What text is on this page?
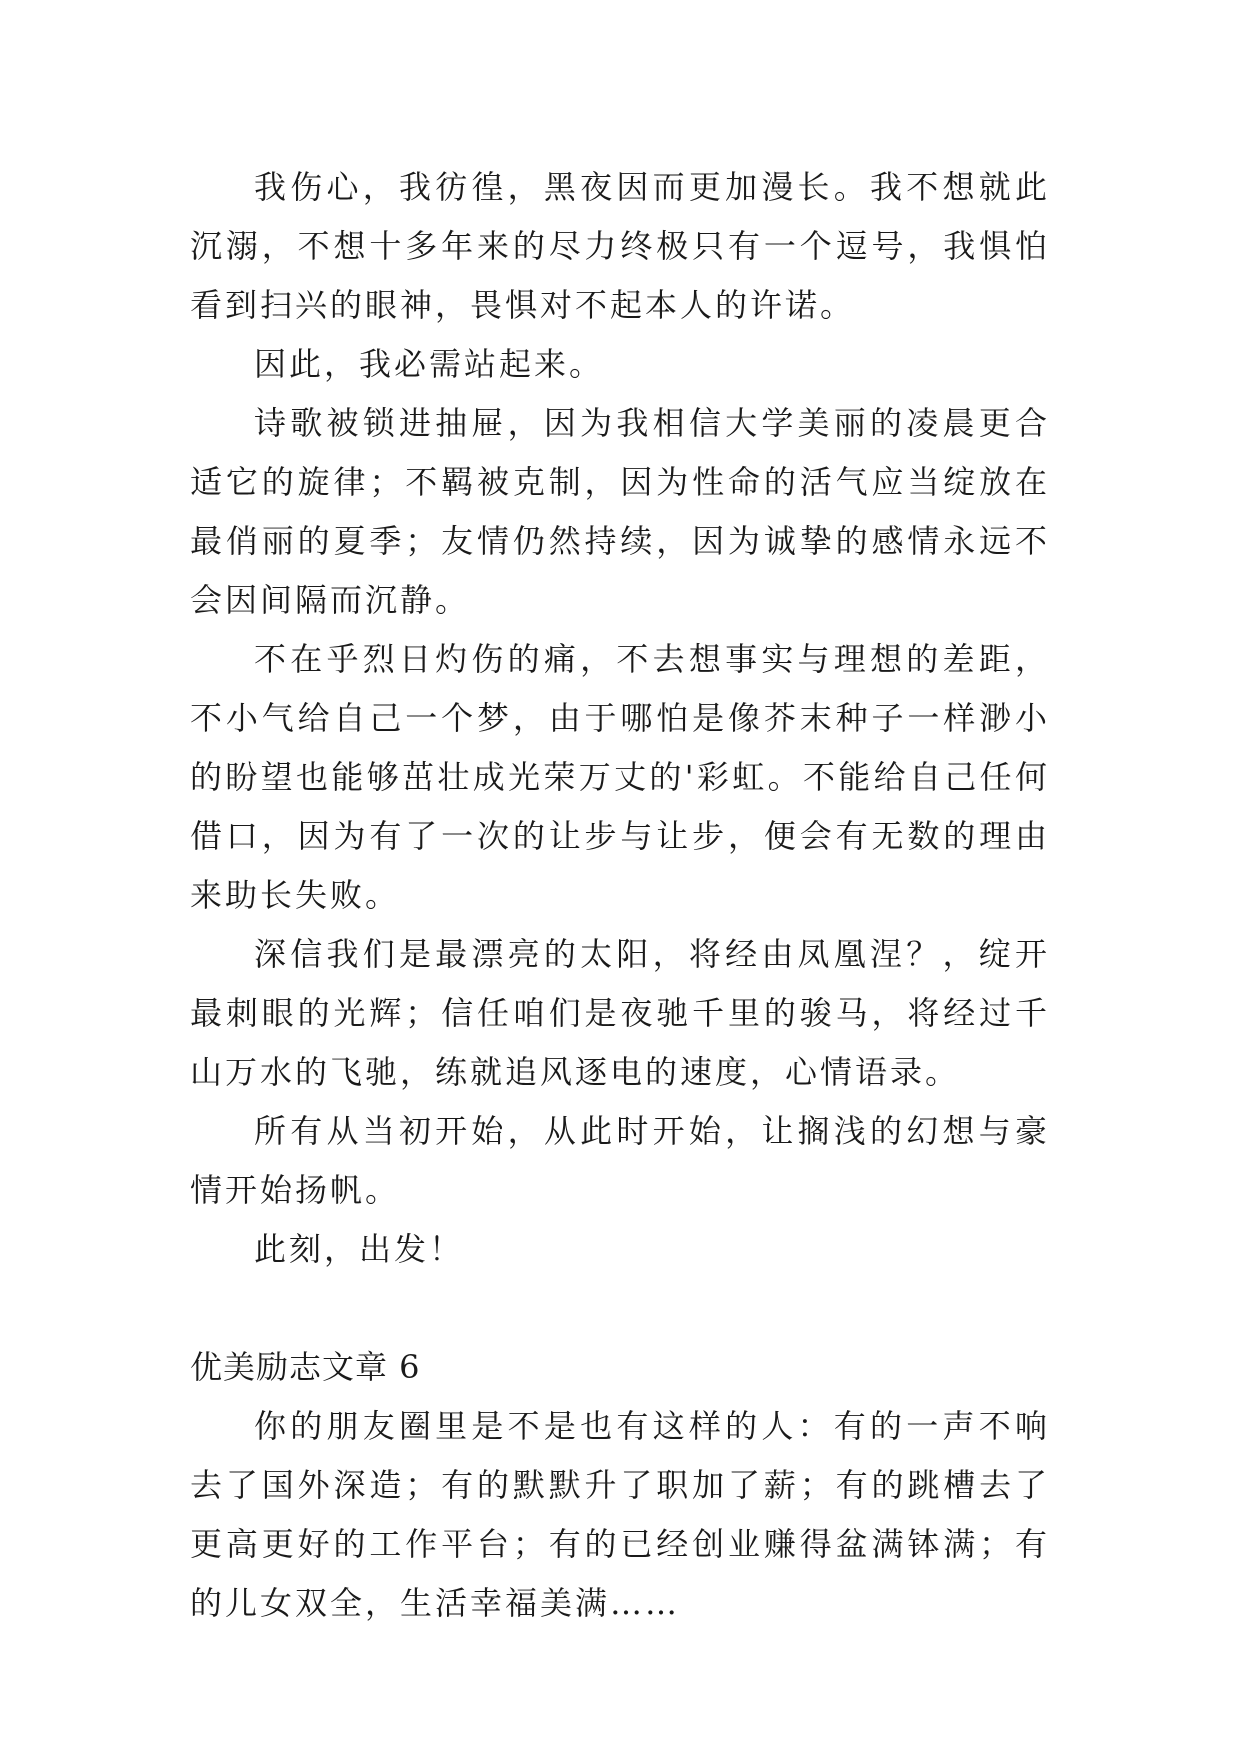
我伤心，我彷徨，黑夜因而更加漫长。我不想就此沉溺，不想十多年来的尽力终极只有一个逗号，我惧怕看到扫兴的眼神，畏惧对不起本人的许诺。

因此，我必需站起来。

诗歌被锁进抽屉，因为我相信大学美丽的凌晨更合适它的旋律；不羁被克制，因为性命的活气应当绽放在最俏丽的夏季；友情仍然持续，因为诚挚的感情永远不会因间隔而沉静。

不在乎烈日灼伤的痛，不去想事实与理想的差距，不小气给自己一个梦，由于哪怕是像芥末种子一样渺小的盼望也能够茁壮成光荣万丈的'彩虹。不能给自己任何借口，因为有了一次的让步与让步，便会有无数的理由来助长失败。

深信我们是最漂亮的太阳，将经由凤凰涅？，绽开最刺眼的光辉；信任咱们是夜驰千里的骏马，将经过千山万水的飞驰，练就追风逐电的速度，心情语录。

所有从当初开始，从此时开始，让搁浅的幻想与豪情开始扬帆。

此刻，出发！

优美励志文章 6

你的朋友圈里是不是也有这样的人：有的一声不响去了国外深造；有的默默升了职加了薪；有的跳槽去了更高更好的工作平台；有的已经创业赚得盆满钵满；有的儿女双全，生活幸福美满……
